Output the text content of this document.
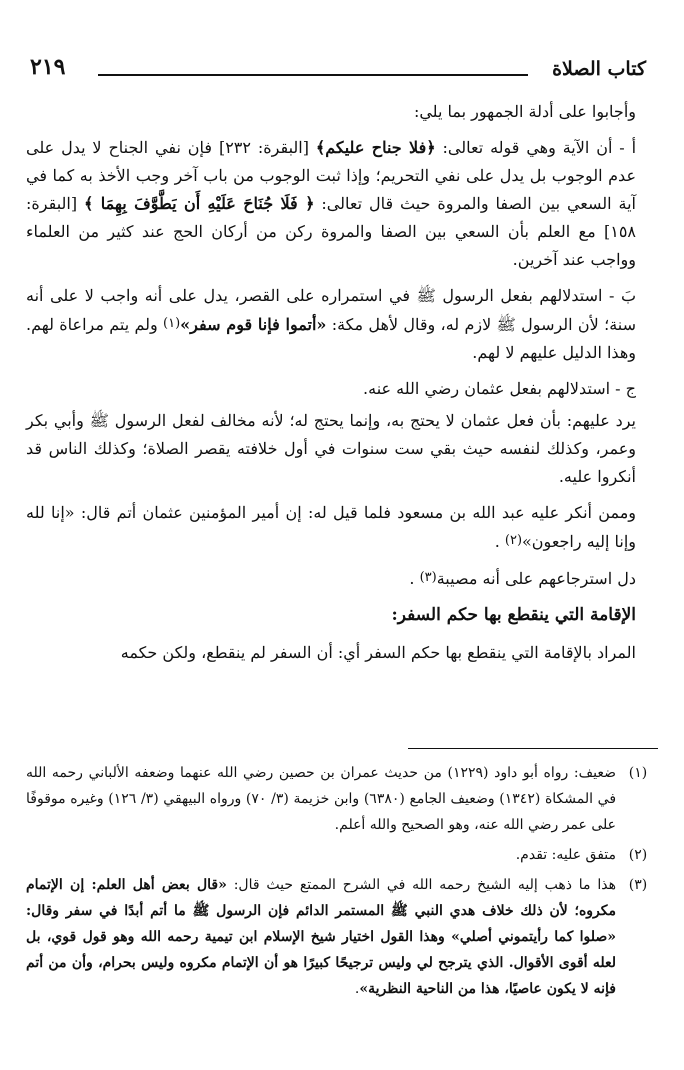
كتاب الصلاة
٢١٩

وأجابوا على أدلة الجمهور بما يلي:

أ - أن الآية وهي قوله تعالى: ﴿فلا جناح عليكم﴾ [البقرة: ٢٣٢] فإن نفي الجناح لا يدل على عدم الوجوب بل يدل على نفي التحريم؛ وإذا ثبت الوجوب من باب آخر وجب الأخذ به كما في آية السعي بين الصفا والمروة حيث قال تعالى: ﴿ فَلَا جُنَاحَ عَلَيْهِ أَن يَطَّوَّفَ بِهِمَا ﴾ [البقرة: ١٥٨] مع العلم بأن السعي بين الصفا والمروة ركن من أركان الحج عند كثير من العلماء وواجب عند آخرين.

بَ - استدلالهم بفعل الرسول ﷺ في استمراره على القصر، يدل على أنه واجب لا على أنه سنة؛ لأن الرسول ﷺ لازم له، وقال لأهل مكة: «أتموا فإنا قوم سفر»(١) ولم يتم مراعاة لهم. وهذا الدليل عليهم لا لهم.

ج - استدلالهم بفعل عثمان رضي الله عنه.

يرد عليهم: بأن فعل عثمان لا يحتج به، وإنما يحتج له؛ لأنه مخالف لفعل الرسول ﷺ وأبي بكر وعمر، وكذلك لنفسه حيث بقي ست سنوات في أول خلافته يقصر الصلاة؛ وكذلك الناس قد أنكروا عليه.

وممن أنكر عليه عبد الله بن مسعود فلما قيل له: إن أمير المؤمنين عثمان أتم قال: «إنا لله وإنا إليه راجعون»(٢) .

دل استرجاعهم على أنه مصيبة(٣) .

الإقامة التي ينقطع بها حكم السفر:

المراد بالإقامة التي ينقطع بها حكم السفر أي: أن السفر لم ينقطع، ولكن حكمه

(١)
ضعيف: رواه أبو داود (١٢٢٩) من حديث عمران بن حصين رضي الله عنهما وضعفه الألباني رحمه الله في المشكاة (١٣٤٢) وضعيف الجامع (٦٣٨٠) وابن خزيمة (٣/ ٧٠) ورواه البيهقي (٣/ ١٢٦) وغيره موقوفًا على عمر رضي الله عنه، وهو الصحيح والله أعلم.
(٢)
متفق عليه: تقدم.
(٣)
هذا ما ذهب إليه الشيخ رحمه الله في الشرح الممتع حيث قال: «قال بعض أهل العلم: إن الإتمام مكروه؛ لأن ذلك خلاف هدي النبي ﷺ المستمر الدائم فإن الرسول ﷺ ما أتم أبدًا في سفر وقال: «صلوا كما رأيتموني أصلي» وهذا القول اختيار شيخ الإسلام ابن تيمية رحمه الله وهو قول قوي، بل لعله أقوى الأقوال. الذي يترجح لي وليس ترجيحًا كبيرًا هو أن الإتمام مكروه وليس بحرام، وأن من أتم فإنه لا يكون عاصيًا، هذا من الناحية النظرية».
